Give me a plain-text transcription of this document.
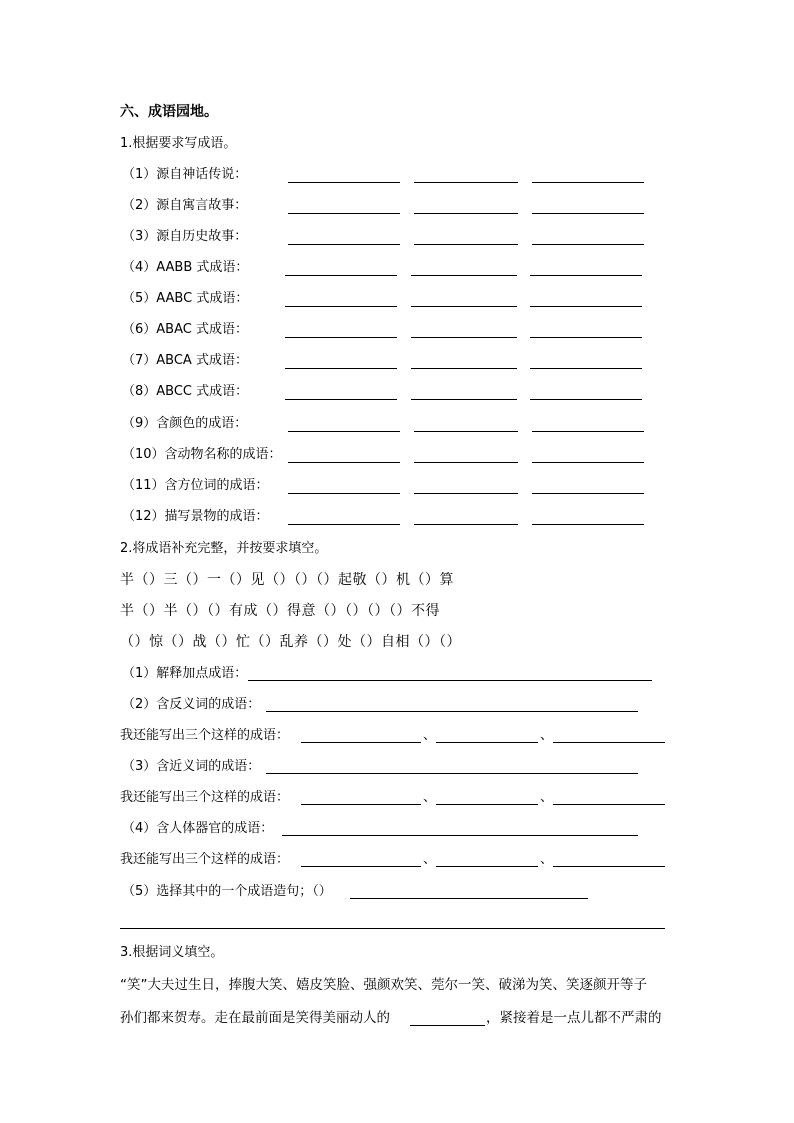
六、成语园地。
1.根据要求写成语。
（1）源自神话传说：
（2）源自寓言故事：
（3）源自历史故事：
（4）AABB 式成语：
（5）AABC 式成语：
（6）ABAC 式成语：
（7）ABCA 式成语：
（8）ABCC 式成语：
（9）含颜色的成语：
（10）含动物名称的成语：
（11）含方位词的成语：
（12）描写景物的成语：
2.将成语补充完整，并按要求填空。
半（）三（）一（）见（）（）（）起敬（）机（）算
半（）半（）（）有成（）得意（）（）（）（）不得
（）惊（）战（）忙（）乱养（）处（）自相（）（）
（1）解释加点成语：
（2）含反义词的成语：
我还能写出三个这样的成语：	、	、
（3）含近义词的成语：
我还能写出三个这样的成语：	、	、
（4）含人体器官的成语：
我还能写出三个这样的成语：	、	、
（5）选择其中的一个成语造句；（）
3.根据词义填空。
“笑”大夫过生日，捧腹大笑、嬉皮笑脸、强颜欢笑、莞尔一笑、破涕为笑、笑逐颜开等子
孙们都来贺寿。走在最前面是笑得美丽动人的	，紧接着是一点儿都不严肃的
